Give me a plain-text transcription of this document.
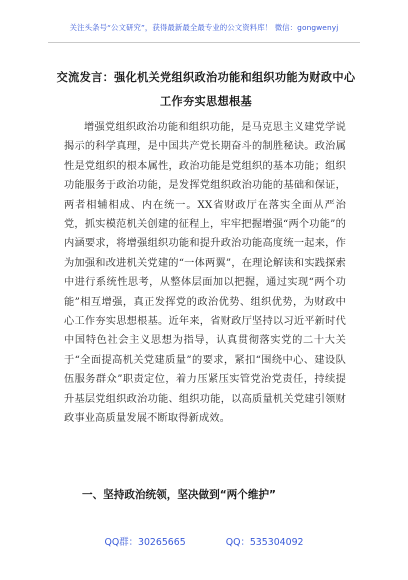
关注头条号“公文研究”，获得最新最全最专业的公文资料库！ 微信：gongwenyj
交流发言：强化机关党组织政治功能和组织功能为财政中心工作夯实思想根基

增强党组织政治功能和组织功能，是马克思主义建党学说揭示的科学真理，是中国共产党长期奋斗的制胜秘诀。政治属性是党组织的根本属性，政治功能是党组织的基本功能；组织功能服务于政治功能，是发挥党组织政治功能的基础和保证，两者相辅相成、内在统一。XX省财政厅在落实全面从严治党，抓实模范机关创建的征程上，牢牢把握增强“两个功能”的内涵要求，将增强组织功能和提升政治功能高度统一起来，作为加强和改进机关党建的“一体两翼”，在理论解读和实践探索中进行系统性思考，从整体层面加以把握，通过实现“两个功能”相互增强，真正发挥党的政治优势、组织优势，为财政中心工作夯实思想根基。近年来，省财政厅坚持以习近平新时代中国特色社会主义思想为指导，认真贯彻落实党的二十大关于“全面提高机关党建质量”的要求，紧扣“围绕中心、建设队伍服务群众”职责定位，着力压紧压实管党治党责任，持续提升基层党组织政治功能、组织功能，以高质量机关党建引领财政事业高质量发展不断取得新成效。

一、坚持政治统领，坚决做到“两个维护”
QQ群：30265665	QQ：535304092
